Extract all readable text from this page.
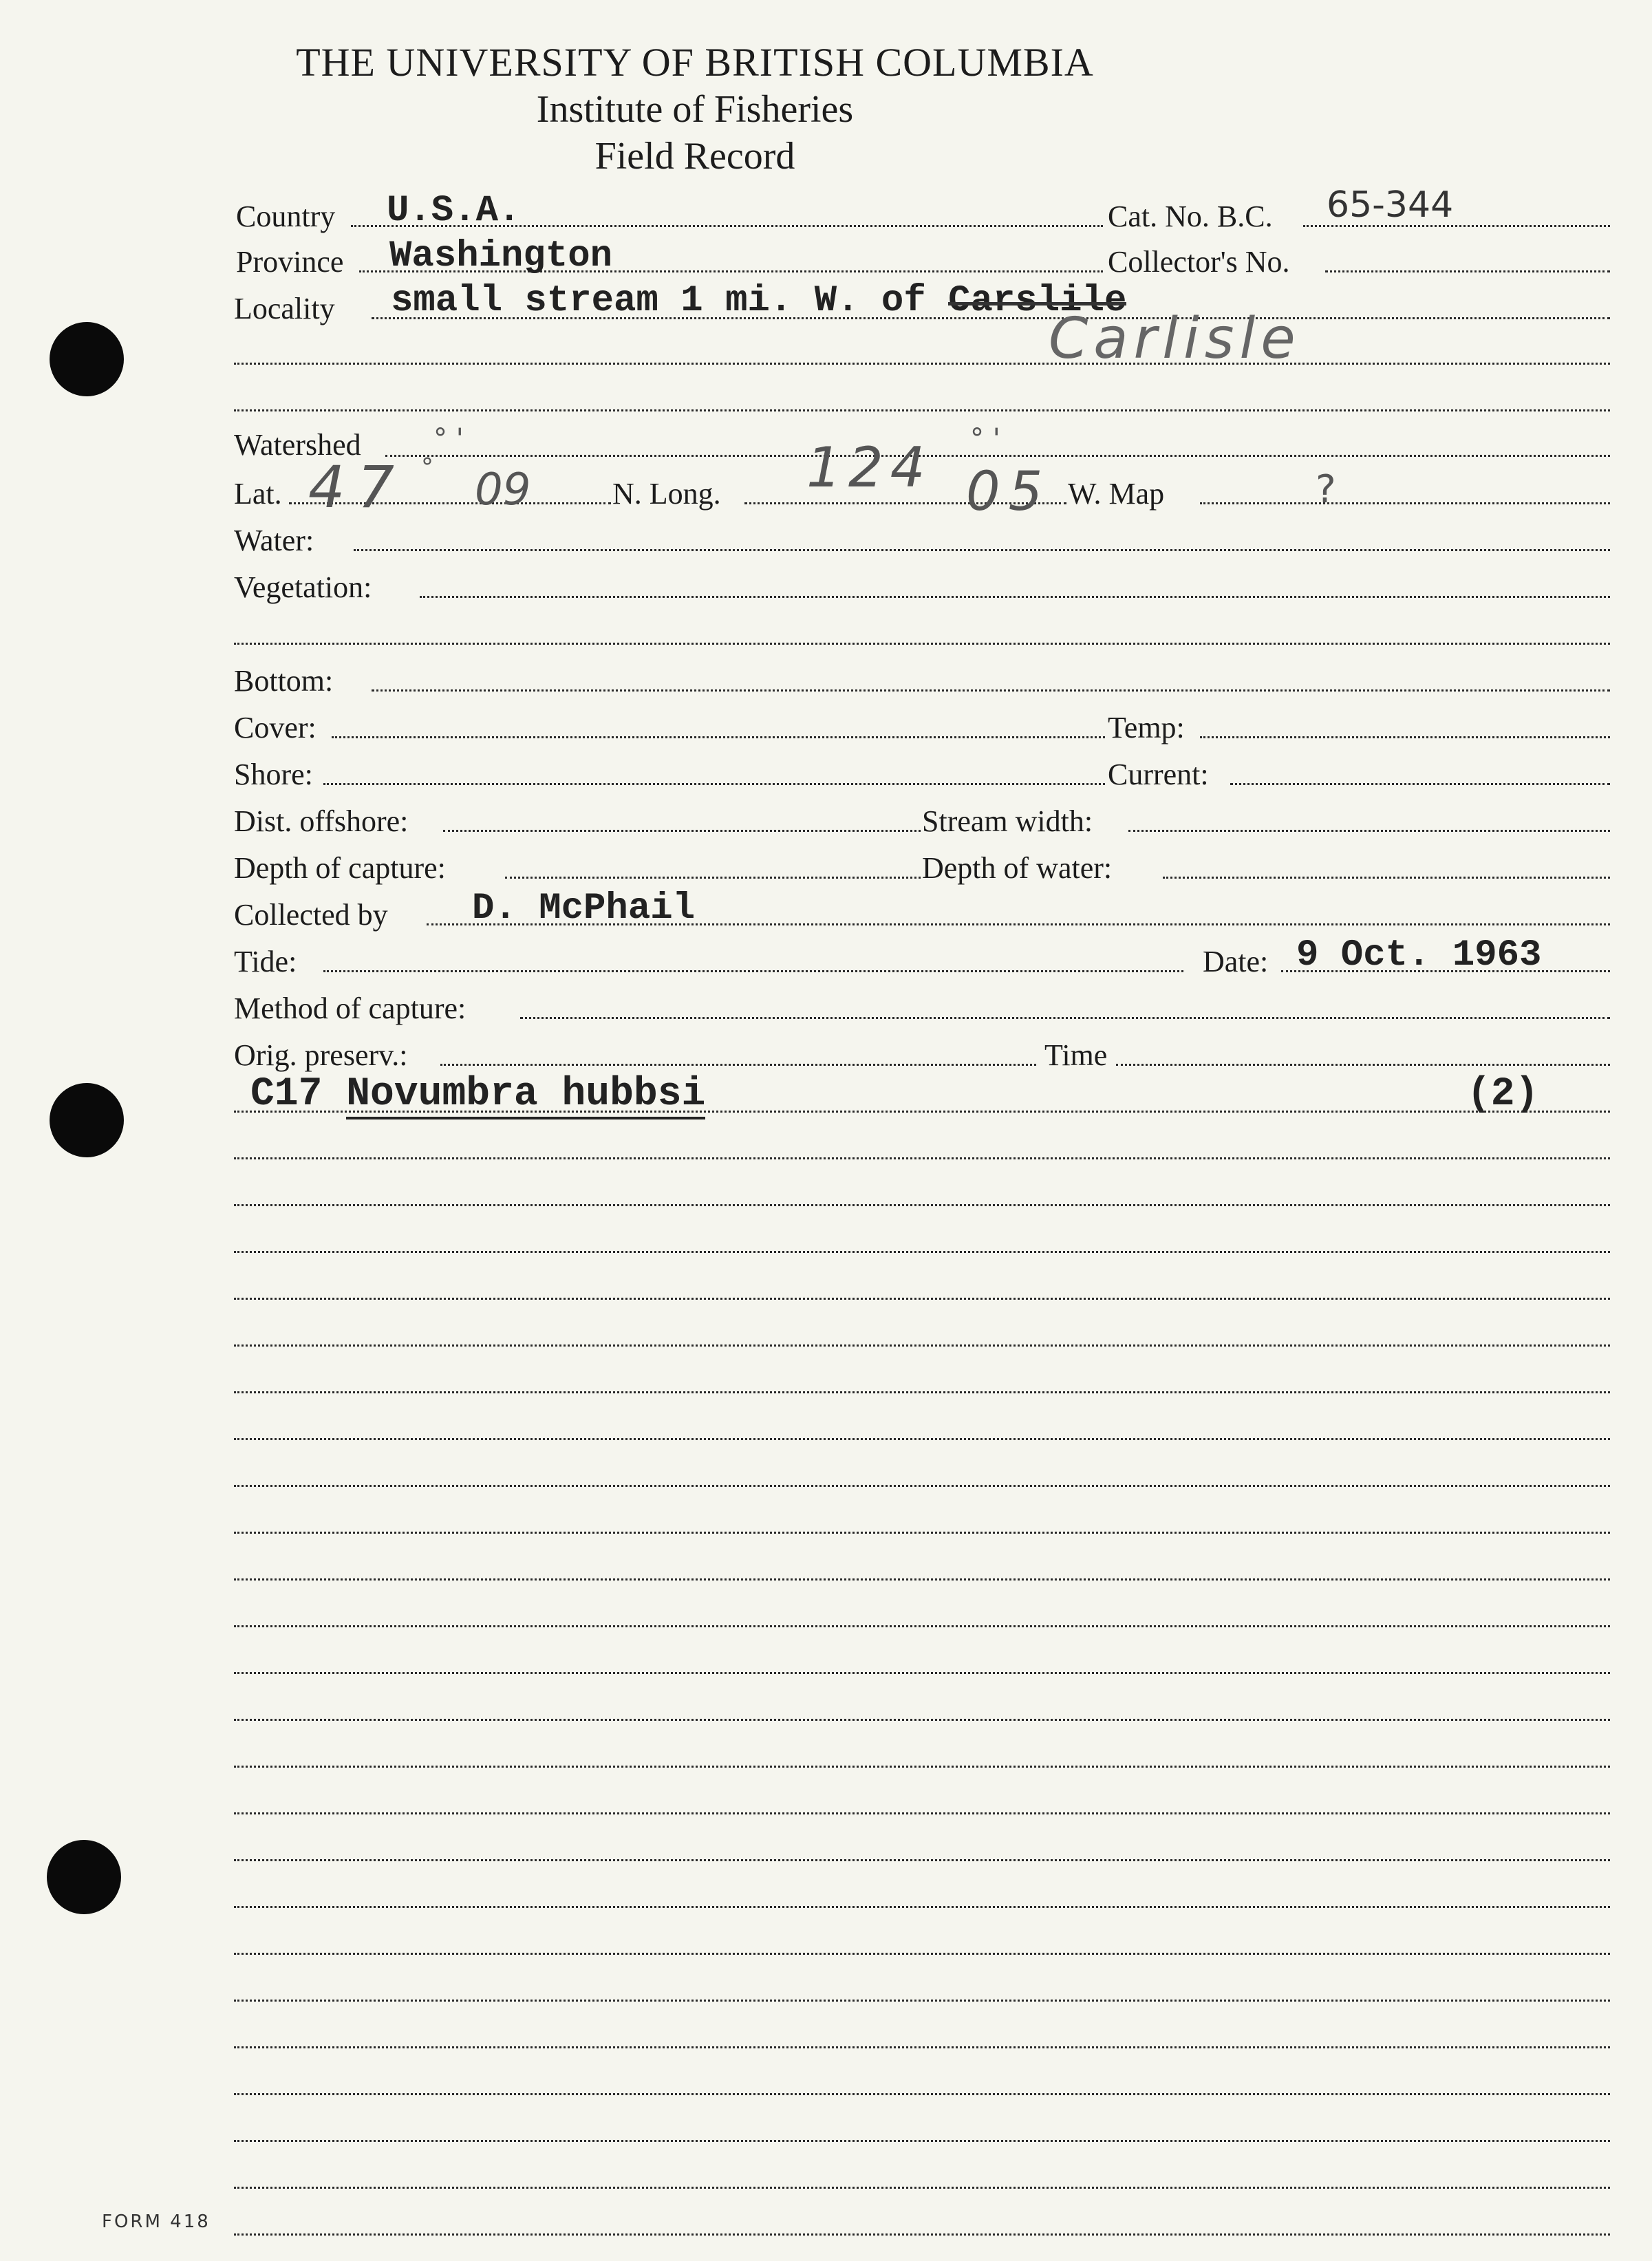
THE UNIVERSITY OF BRITISH COLUMBIA
Institute of Fisheries
Field Record
Country U.S.A.	Cat. No. B.C. 65-344
Province Washington	Collector's No.
Locality small stream 1 mi. W. of Carslile
Carlisle
Watershed	° '	° '
Lat. 47 ° 09	N. Long. 124 05 W. Map	?
Water:
Vegetation:
Bottom:
Cover:	Temp:
Shore:	Current:
Dist. offshore:	Stream width:
Depth of capture:	Depth of water:
Collected by D. McPhail
Tide:	Date: 9 Oct. 1963
Method of capture:
Orig. preserv.:	Time
C17 Novumbra hubbsi	(2)
FORM 418
